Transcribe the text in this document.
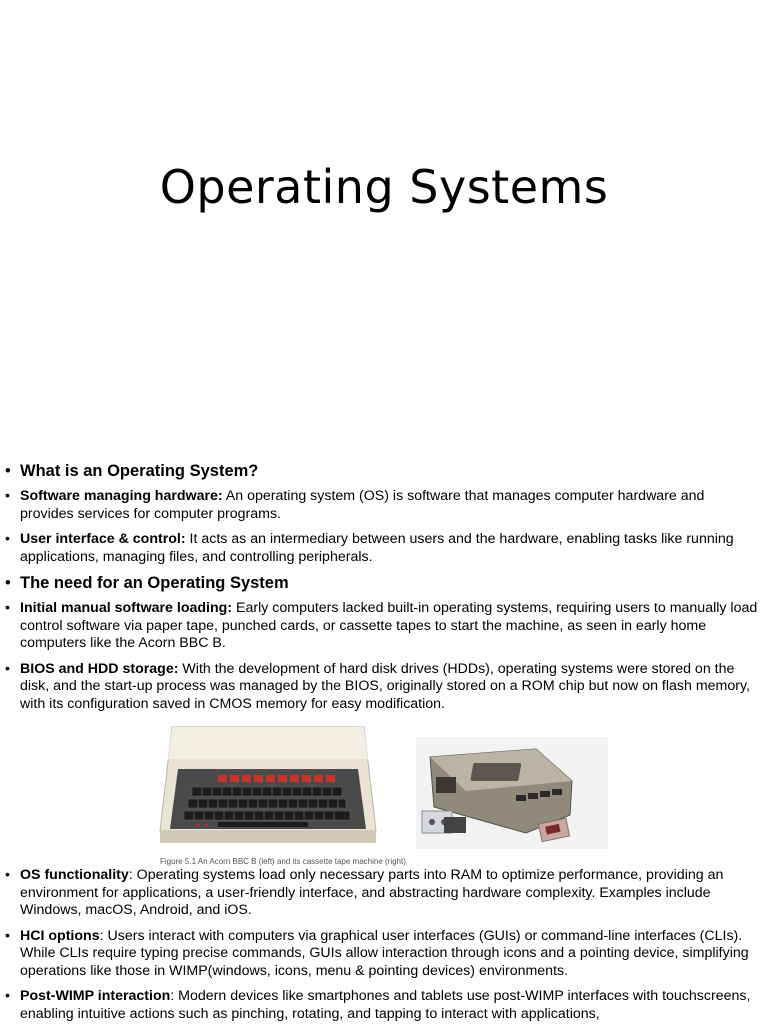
Operating Systems
• What is an Operating System?
• Software managing hardware: An operating system (OS) is software that manages computer hardware and provides services for computer programs.
• User interface & control: It acts as an intermediary between users and the hardware, enabling tasks like running applications, managing files, and controlling peripherals.
• The need for an Operating System
• Initial manual software loading: Early computers lacked built-in operating systems, requiring users to manually load control software via paper tape, punched cards, or cassette tapes to start the machine, as seen in early home computers like the Acorn BBC B.
• BIOS and HDD storage: With the development of hard disk drives (HDDs), operating systems were stored on the disk, and the start-up process was managed by the BIOS, originally stored on a ROM chip but now on flash memory, with its configuration saved in CMOS memory for easy modification.
Figure 5.1 An Acorn BBC B (left) and its cassette tape machine (right)
• OS functionality: Operating systems load only necessary parts into RAM to optimize performance, providing an environment for applications, a user-friendly interface, and abstracting hardware complexity. Examples include Windows, macOS, Android, and iOS.
• HCI options: Users interact with computers via graphical user interfaces (GUIs) or command-line interfaces (CLIs). While CLIs require typing precise commands, GUIs allow interaction through icons and a pointing device, simplifying operations like those in WIMP(windows, icons, menu & pointing devices) environments.
• Post-WIMP interaction: Modern devices like smartphones and tablets use post-WIMP interfaces with touchscreens, enabling intuitive actions such as pinching, rotating, and tapping to interact with applications,
